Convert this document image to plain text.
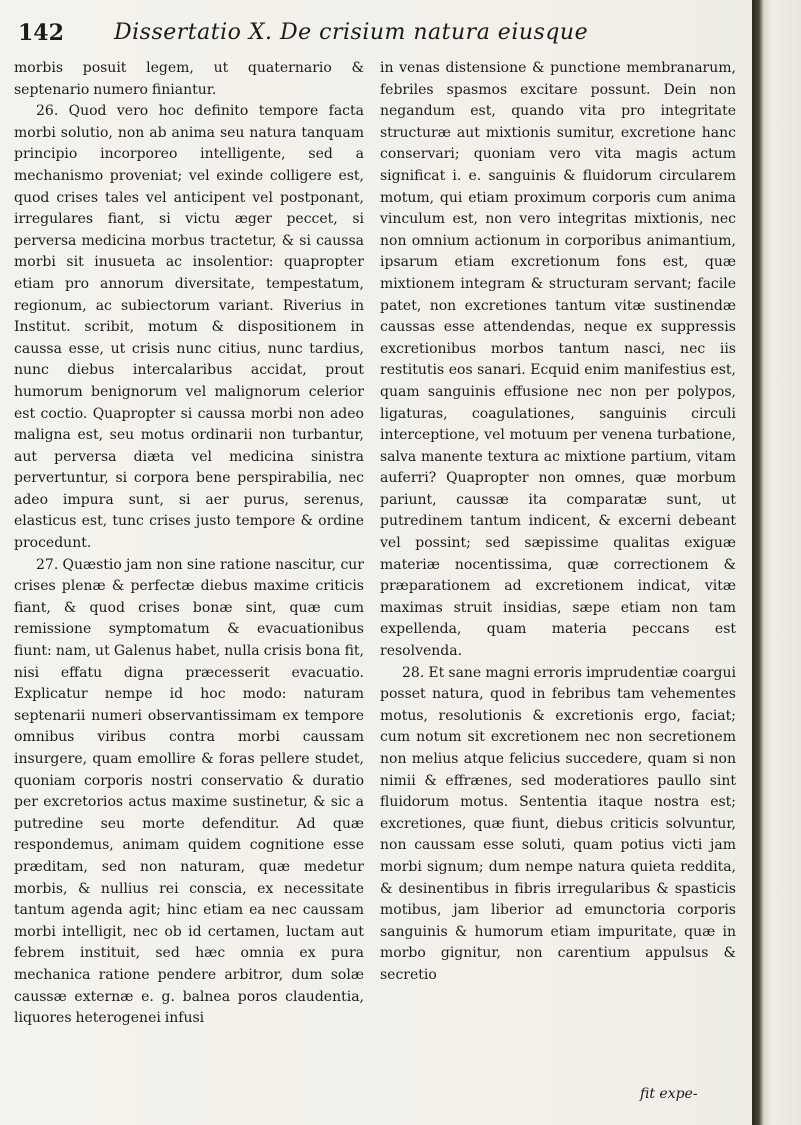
142 Dissertatio X. De crisium natura eiusque

morbis posuit legem, ut quaternario & septenario numero finiantur.

26. Quod vero hoc definito tempore facta morbi solutio, non ab anima seu natura tanquam principio incorporeo intelligente, sed a mechanismo proveniat; vel exinde colligere est, quod crises tales vel anticipent vel postponant, irregulares fiant, si victu æger peccet, si perversa medicina morbus tractetur, & si caussa morbi sit inusueta ac insolentior: quapropter etiam pro annorum diversitate, tempestatum, regionum, ac subiectorum variant. Riverius in Institut. scribit, motum & dispositionem in caussa esse, ut crisis nunc citius, nunc tardius, nunc diebus intercalaribus accidat, prout humorum benignorum vel malignorum celerior est coctio. Quapropter si caussa morbi non adeo maligna est, seu motus ordinarii non turbantur, aut perversa diæta vel medicina sinistra pervertuntur, si corpora bene perspirabilia, nec adeo impura sunt, si aer purus, serenus, elasticus est, tunc crises justo tempore & ordine procedunt.

27. Quæstio jam non sine ratione nascitur, cur crises plenæ & perfectæ diebus maxime criticis fiant, & quod crises bonæ sint, quæ cum remissione symptomatum & evacuationibus fiunt: nam, ut Galenus habet, nulla crisis bona fit, nisi effatu digna præcesserit evacuatio. Explicatur nempe id hoc modo: naturam septenarii numeri observantissimam ex tempore omnibus viribus contra morbi caussam insurgere, quam emollire & foras pellere studet, quoniam corporis nostri conservatio & duratio per excretorios actus maxime sustinetur, & sic a putredine seu morte defenditur. Ad quæ respondemus, animam quidem cognitione esse præditam, sed non naturam, quæ medetur morbis, & nullius rei conscia, ex necessitate tantum agenda agit; hinc etiam ea nec caussam morbi intelligit, nec ob id certamen, luctam aut febrem instituit, sed hæc omnia ex pura mechanica ratione pendere arbitror, dum solæ caussæ externæ e. g. balnea poros claudentia, liquores heterogenei infusi

in venas distensione & punctione membranarum, febriles spasmos excitare possunt. Dein non negandum est, quando vita pro integritate structuræ aut mixtionis sumitur, excretione hanc conservari; quoniam vero vita magis actum significat i. e. sanguinis & fluidorum circularem motum, qui etiam proximum corporis cum anima vinculum est, non vero integritas mixtionis, nec non omnium actionum in corporibus animantium, ipsarum etiam excretionum fons est, quæ mixtionem integram & structuram servant; facile patet, non excretiones tantum vitæ sustinendæ caussas esse attendendas, neque ex suppressis excretionibus morbos tantum nasci, nec iis restitutis eos sanari. Ecquid enim manifestius est, quam sanguinis effusione nec non per polypos, ligaturas, coagulationes, sanguinis circuli interceptione, vel motuum per venena turbatione, salva manente textura ac mixtione partium, vitam auferri? Quapropter non omnes, quæ morbum pariunt, caussæ ita comparatæ sunt, ut putredinem tantum indicent, & excerni debeant vel possint; sed sæpissime qualitas exiguæ materiæ nocentissima, quæ correctionem & præparationem ad excretionem indicat, vitæ maximas struit insidias, sæpe etiam non tam expellenda, quam materia peccans est resolvenda.

28. Et sane magni erroris imprudentiæ coargui posset natura, quod in febribus tam vehementes motus, resolutionis & excretionis ergo, faciat; cum notum sit excretionem nec non secretionem non melius atque felicius succedere, quam si non nimii & effrænes, sed moderatiores paullo sint fluidorum motus. Sententia itaque nostra est; excretiones, quæ fiunt, diebus criticis solvuntur, non caussam esse soluti, quam potius victi jam morbi signum; dum nempe natura quieta reddita, & desinentibus in fibris irregularibus & spasticis motibus, jam liberior ad emunctoria corporis sanguinis & humorum etiam impuritate, quæ in morbo gignitur, non carentium appulsus & secretio

fit expe-
